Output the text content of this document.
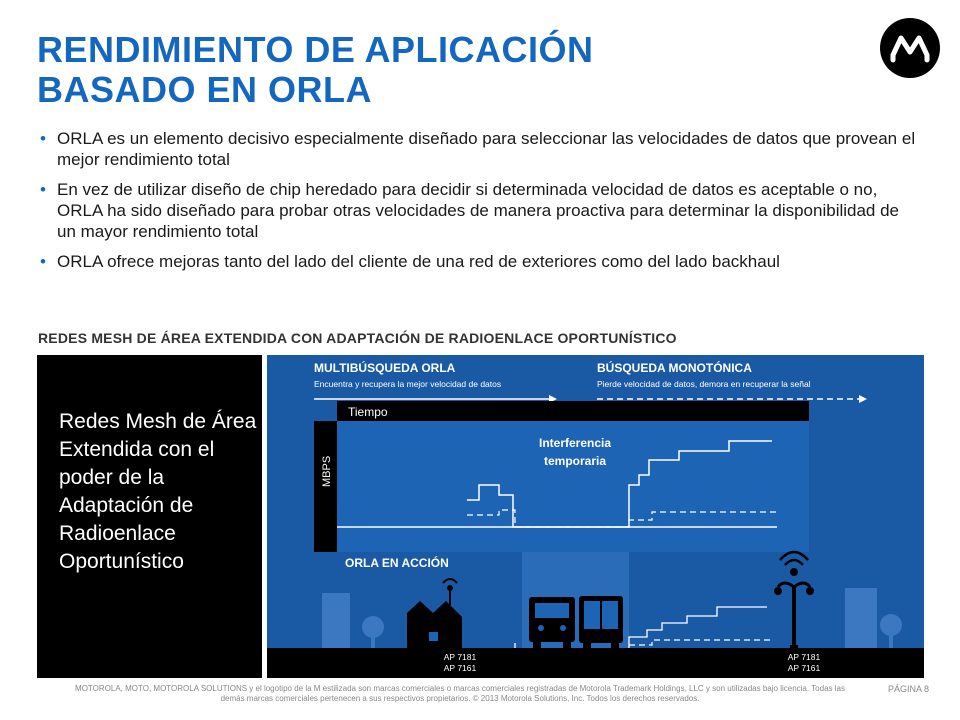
RENDIMIENTO DE APLICACIÓN
BASADO EN ORLA
• ORLA es un elemento decisivo especialmente diseñado para seleccionar las velocidades de datos que provean el mejor rendimiento total
• En vez de utilizar diseño de chip heredado para decidir si determinada velocidad de datos es aceptable o no, ORLA ha sido diseñado para probar otras velocidades de manera proactiva para determinar la disponibilidad de un mayor rendimiento total
• ORLA ofrece mejoras tanto del lado del cliente de una red de exteriores como del lado backhaul
REDES MESH DE ÁREA EXTENDIDA CON ADAPTACIÓN DE RADIOENLACE OPORTUNÍSTICO
Redes Mesh de Área Extendida con el poder de la Adaptación de Radioenlace Oportunístico
MULTIBÚSQUEDA ORLA
Encuentra y recupera la mejor velocidad de datos
BÚSQUEDA MONOTÓNICA
Pierde velocidad de datos, demora en recuperar la señal
Tiempo
MBPS
Interferencia
temporaria
ORLA EN ACCIÓN
AP 7181
AP 7161
AP 7181
AP 7161
MOTOROLA, MOTO, MOTOROLA SOLUTIONS y el logotipo de la M estilizada son marcas comerciales o marcas comerciales registradas de Motorola Trademark Holdings, LLC y son utilizadas bajo licencia. Todas las demás marcas comerciales pertenecen a sus respectivos propietarios. © 2013 Motorola Solutions, Inc. Todos los derechos reservados.
PÁGINA 8
